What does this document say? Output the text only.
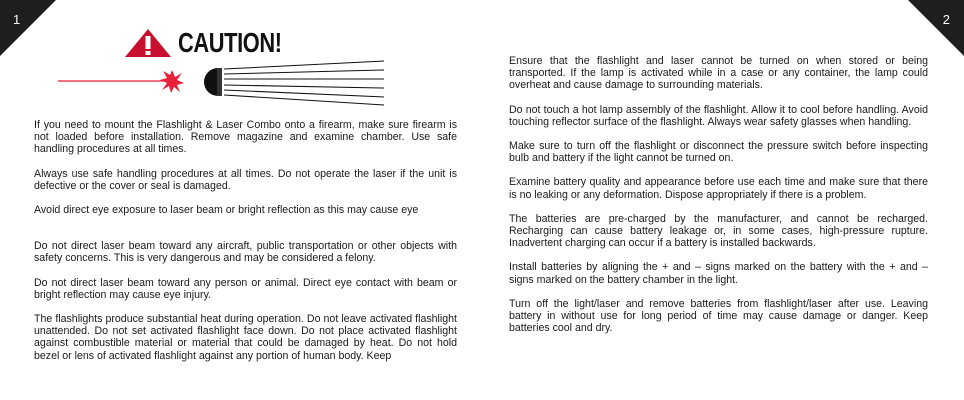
1	2
CAUTION!

If you need to mount the Flashlight & Laser Combo onto a firearm, make sure firearm is not loaded before installation. Remove magazine and examine chamber. Use safe handling procedures at all times.

Always use safe handling procedures at all times. Do not operate the laser if the unit is defective or the cover or seal is damaged.

Avoid direct eye exposure to laser beam or bright reflection as this may cause eye

Do not direct laser beam toward any aircraft, public transportation or other objects with safety concerns. This is very dangerous and may be considered a felony.

Do not direct laser beam toward any person or animal. Direct eye contact with beam or bright reflection may cause eye injury.

The flashlights produce substantial heat during operation. Do not leave activated flashlight unattended. Do not set activated flashlight face down. Do not place activated flashlight against combustible material or material that could be damaged by heat. Do not hold bezel or lens of activated flashlight against any portion of human body. Keep

Ensure that the flashlight and laser cannot be turned on when stored or being transported. If the lamp is activated while in a case or any container, the lamp could overheat and cause damage to surrounding materials.

Do not touch a hot lamp assembly of the flashlight. Allow it to cool before handling. Avoid touching reflector surface of the flashlight. Always wear safety glasses when handling.

Make sure to turn off the flashlight or disconnect the pressure switch before inspecting bulb and battery if the light cannot be turned on.

Examine battery quality and appearance before use each time and make sure that there is no leaking or any deformation. Dispose appropriately if there is a problem.

The batteries are pre-charged by the manufacturer, and cannot be recharged. Recharging can cause battery leakage or, in some cases, high-pressure rupture. Inadvertent charging can occur if a battery is installed backwards.

Install batteries by aligning the + and – signs marked on the battery with the + and – signs marked on the battery chamber in the light.

Turn off the light/laser and remove batteries from flashlight/laser after use. Leaving battery in without use for long period of time may cause damage or danger. Keep batteries cool and dry.
